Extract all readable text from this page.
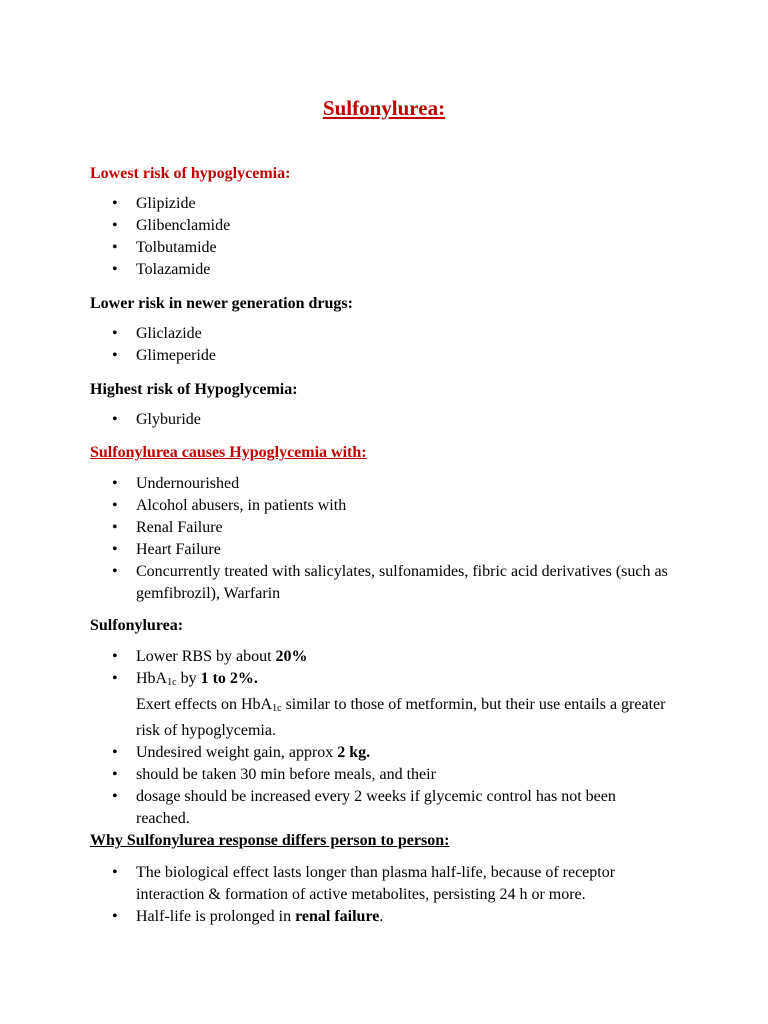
Sulfonylurea:
Lowest risk of hypoglycemia:
• Glipizide
• Glibenclamide
• Tolbutamide
• Tolazamide
Lower risk in newer generation drugs:
• Gliclazide
• Glimeperide
Highest risk of Hypoglycemia:
• Glyburide
Sulfonylurea causes Hypoglycemia with:
• Undernourished
• Alcohol abusers, in patients with
• Renal Failure
• Heart Failure
• Concurrently treated with salicylates, sulfonamides, fibric acid derivatives (such as gemfibrozil), Warfarin
Sulfonylurea:
• Lower RBS by about 20%
• HbA$_{1c}$ by 1 to 2%.
Exert effects on HbA$_{1c}$ similar to those of metformin, but their use entails a greater risk of hypoglycemia.
• Undesired weight gain, approx 2 kg.
• should be taken 30 min before meals, and their
• dosage should be increased every 2 weeks if glycemic control has not been reached.
Why Sulfonylurea response differs person to person:
• The biological effect lasts longer than plasma half-life, because of receptor interaction & formation of active metabolites, persisting 24 h or more.
• Half-life is prolonged in renal failure.
